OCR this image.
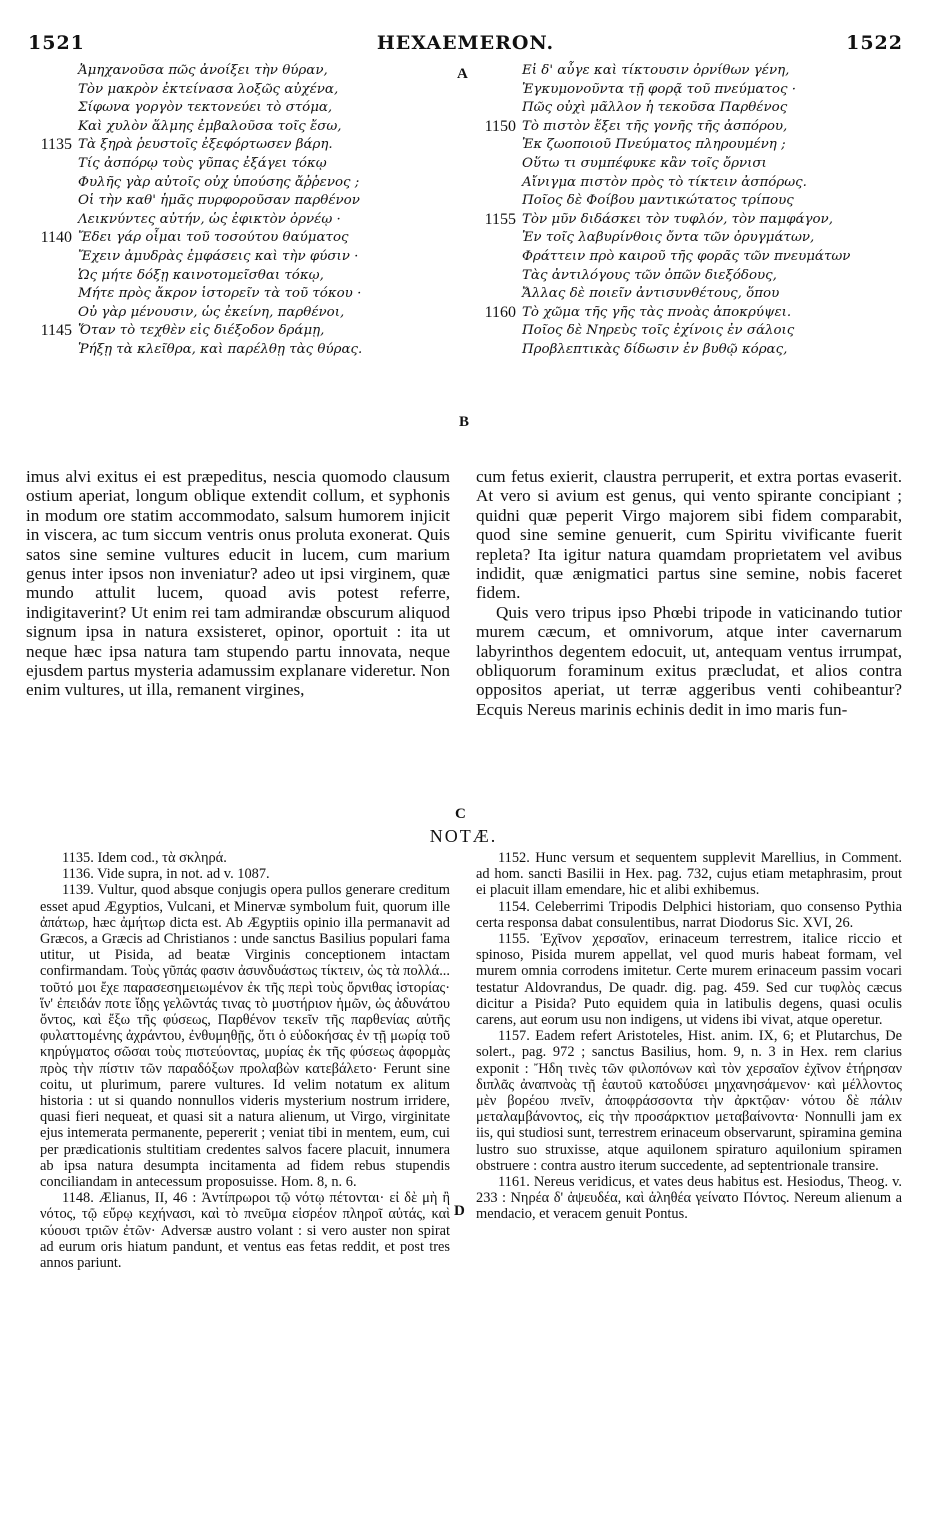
1521	HEXAEMERON.	1522
Ἀμηχανοῦσα πῶς ἀνοίξει τὴν θύραν,
Τὸν μακρὸν ἐκτείνασα λοξῶς αὐχένα,
Σίφωνα γοργὸν τεκτονεύει τὸ στόμα,
Καὶ χυλὸν ἅλμης ἐμβαλοῦσα τοῖς ἔσω,
1135 Τὰ ξηρὰ ῥευστοῖς ἐξεφόρτωσεν βάρη.
Τίς ἀσπόρῳ τοὺς γῦπας ἐξάγει τόκῳ
Φυλῆς γὰρ αὐτοῖς οὐχ ὑπούσης ἄῤῥενος ;
Οἱ τὴν καθ' ἡμᾶς πυρφοροῦσαν παρθένον
Λεικνύντες αὐτήν, ὡς ἐφικτὸν ὀρνέῳ ·
1140 Ἔδει γάρ οἶμαι τοῦ τοσούτου θαύματος
Ἔχειν ἀμυδρὰς ἐμφάσεις καὶ τὴν φύσιν ·
Ὡς μήτε δόξῃ καινοτομεῖσθαι τόκῳ,
Μήτε πρὸς ἄκρον ἱστορεῖν τὰ τοῦ τόκου ·
Οὐ γὰρ μένουσιν, ὡς ἐκείνη, παρθένοι,
1145 Ὅταν τὸ τεχθὲν εἰς διέξοδον δράμῃ,
Ῥήξῃ τὰ κλεῖθρα, καὶ παρέλθῃ τὰς θύρας.
Εἰ δ' αὖγε καὶ τίκτουσιν ὀρνίθων γένη,
Ἐγκυμονοῦντα τῇ φορᾷ τοῦ πνεύματος ·
Πῶς οὐχὶ μᾶλλον ἡ τεκοῦσα Παρθένος
1150 Τὸ πιστὸν ἕξει τῆς γονῆς τῆς ἀσπόρου,
Ἐκ ζωοποιοῦ Πνεύματος πληρουμένη ;
Οὕτω τι συμπέφυκε κἂν τοῖς ὄρνισι
Αἴνιγμα πιστὸν πρὸς τὸ τίκτειν ἀσπόρως.
Ποῖος δὲ Φοίβου μαντικώτατος τρίπους
1155 Τὸν μῦν διδάσκει τὸν τυφλόν, τὸν παμφάγον,
Ἐν τοῖς λαβυρίνθοις ὄντα τῶν ὀρυγμάτων,
Φράττειν πρὸ καιροῦ τῆς φορᾶς τῶν πνευμάτων
Τὰς ἀντιλόγους τῶν ὀπῶν διεξόδους,
Ἄλλας δὲ ποιεῖν ἀντισυνθέτους, ὅπου
1160 Τὸ χῶμα τῆς γῆς τὰς πνοὰς ἀποκρύψει.
Ποῖος δὲ Νηρεὺς τοῖς ἐχίνοις ἐν σάλοις
Προβλεπτικὰς δίδωσιν ἐν βυθῷ κόρας,
A
B
C
D

imus alvi exitus ei est præpeditus, nescia quomodo clausum ostium aperiat, longum oblique extendit collum, et syphonis in modum ore statim accommodato, salsum humorem injicit in viscera, ac tum siccum ventris onus proluta exonerat. Quis satos sine semine vultures educit in lucem, cum marium genus inter ipsos non inveniatur? adeo ut ipsi virginem, quæ mundo attulit lucem, quoad avis potest referre, indigitaverint? Ut enim rei tam admirandæ obscurum aliquod signum ipsa in natura exsisteret, opinor, oportuit : ita ut neque hæc ipsa natura tam stupendo partu innovata, neque ejusdem partus mysteria adamussim explanare videretur. Non enim vultures, ut illa, remanent virgines,

cum fetus exierit, claustra perruperit, et extra portas evaserit. At vero si avium est genus, qui vento spirante concipiant ; quidni quæ peperit Virgo majorem sibi fidem comparabit, quod sine semine genuerit, cum Spiritu vivificante fuerit repleta? Ita igitur natura quamdam proprietatem vel avibus indidit, quæ ænigmatici partus sine semine, nobis faceret fidem.

Quis vero tripus ipso Phœbi tripode in vaticinando tutior murem cæcum, et omnivorum, atque inter cavernarum labyrinthos degentem edocuit, ut, antequam ventus irrumpat, obliquorum foraminum exitus præcludat, et alios contra oppositos aperiat, ut terræ aggeribus venti cohibeantur? Ecquis Nereus marinis echinis dedit in imo maris fun-

NOTÆ.

1135. Idem cod., τὰ σκληρά.

1136. Vide supra, in not. ad v. 1087.

1139. Vultur, quod absque conjugis opera pullos generare creditum esset apud Ægyptios, Vulcani, et Minervæ symbolum fuit, quorum ille ἀπάτωρ, hæc ἀμήτωρ dicta est. Ab Ægyptiis opinio illa permanavit ad Græcos, a Græcis ad Christianos : unde sanctus Basilius populari fama utitur, ut Pisida, ad beatæ Virginis conceptionem intactam confirmandam. Τοὺς γῦπάς φασιν ἀσυνδυάστως τίκτειν, ὡς τὰ πολλά... τοῦτό μοι ἔχε παρασεσημειωμένον ἐκ τῆς περὶ τοὺς ὄρνιθας ἱστορίας· ἵν' ἐπειδάν ποτε ἴδῃς γελῶντάς τινας τὸ μυστήριον ἡμῶν, ὡς ἀδυνάτου ὄντος, καὶ ἔξω τῆς φύσεως, Παρθένον τεκεῖν τῆς παρθενίας αὐτῆς φυλαττομένης ἀχράντου, ἐνθυμηθῇς, ὅτι ὁ εὐδοκήσας ἐν τῇ μωρίᾳ τοῦ κηρύγματος σῶσαι τοὺς πιστεύοντας, μυρίας ἐκ τῆς φύσεως ἀφορμὰς πρὸς τὴν πίστιν τῶν παραδόξων προλαβὼν κατεβάλετο· Ferunt sine coitu, ut plurimum, parere vultures. Id velim notatum ex alitum historia : ut si quando nonnullos videris mysterium nostrum irridere, quasi fieri nequeat, et quasi sit a natura alienum, ut Virgo, virginitate ejus intemerata permanente, pepererit ; veniat tibi in mentem, eum, cui per prædicationis stultitiam credentes salvos facere placuit, innumera ab ipsa natura desumpta incitamenta ad fidem rebus stupendis conciliandam in antecessum proposuisse. Hom. 8, n. 6.

1148. Ælianus, II, 46 : Ἀντίπρωροι τῷ νότῳ πέτονται· εἰ δὲ μὴ ἢ νότος, τῷ εὔρῳ κεχήνασι, καὶ τὸ πνεῦμα εἰσρέον πληροῖ αὐτάς, καὶ κύουσι τριῶν ἐτῶν· Adversæ austro volant : si vero auster non spirat ad eurum oris hiatum pandunt, et ventus eas fetas reddit, et post tres annos pariunt.

1152. Hunc versum et sequentem supplevit Marellius, in Comment. ad hom. sancti Basilii in Hex. pag. 732, cujus etiam metaphrasim, prout ei placuit illam emendare, hic et alibi exhibemus.

1154. Celeberrimi Tripodis Delphici historiam, quo consenso Pythia certa responsa dabat consulentibus, narrat Diodorus Sic. XVI, 26.

1155. Ἐχῖνον χερσαῖον, erinaceum terrestrem, italice riccio et spinoso, Pisida murem appellat, vel quod muris habeat formam, vel murem omnia corrodens imitetur. Certe murem erinaceum passim vocari testatur Aldovrandus, De quadr. dig. pag. 459. Sed cur τυφλὸς cæcus dicitur a Pisida? Puto equidem quia in latibulis degens, quasi oculis carens, aut eorum usu non indigens, ut videns ibi vivat, atque operetur.

1157. Eadem refert Aristoteles, Hist. anim. IX, 6; et Plutarchus, De solert., pag. 972 ; sanctus Basilius, hom. 9, n. 3 in Hex. rem clarius exponit : Ἤδη τινὲς τῶν φιλοπόνων καὶ τὸν χερσαῖον ἐχῖνον ἐτήρησαν διπλᾶς ἀναπνοὰς τῇ ἑαυτοῦ κατοδύσει μηχανησάμενον· καὶ μέλλοντος μὲν βορέου πνεῖν, ἀποφράσσοντα τὴν ἀρκτῷαν· νότου δὲ πάλιν μεταλαμβάνοντος, εἰς τὴν προσάρκτιον μεταβαίνοντα· Nonnulli jam ex iis, qui studiosi sunt, terrestrem erinaceum observarunt, spiramina gemina lustro suo struxisse, atque aquilonem spiraturo aquilonium spiramen obstruere : contra austro iterum succedente, ad septentrionale transire.

1161. Nereus veridicus, et vates deus habitus est. Hesiodus, Theog. v. 233 : Νηρέα δ' ἀψευδέα, καὶ ἀληθέα γείνατο Πόντος. Nereum alienum a mendacio, et veracem genuit Pontus.
